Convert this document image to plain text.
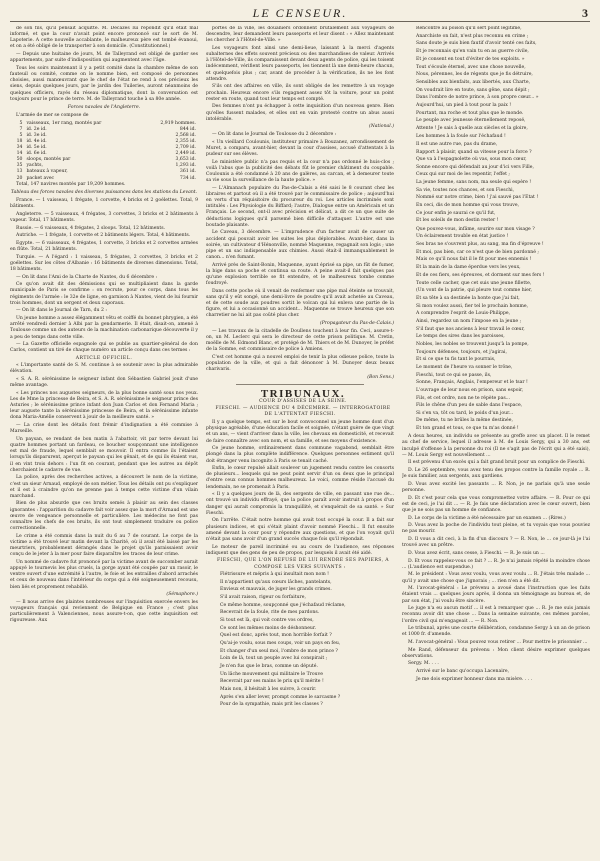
LE CENSEUR.	3

de son fils, qu'il pensait acquitté. M. Decazes lui répondit qu'il était mal informé, et que la cour n'avait point encore prononcé sur le sort de M. Lapoterie. A cette nouvelle accablante, le malheureux père est tombé évanoui, et on a été obligé de le transporter à son domicile. (Constitutionnel.)

— Depuis une huitaine de jours, M. de Talleyrand est obligé de garder ses appartements, par suite d'indisposition qui augmentent avec l'âge.

Tous les soirs maintenant il y a petit comité dans la chambre même de son fauteuil ou comité, comme on le nomme bien, est composé de personnes choisies, aussi manœuvrant que le chef de l'état ne rend à ces précieux les siens, depuis quelques jours, par le jardin des Tuileries, auront néanmoins de quelques officiers, rayés du réseau diplomatique, dont la conversation est toujours pour le prince de terre. M. de Talleyrand touche à sa 80e année.

Forces navales de l'Angleterre.

L'armée de mer se compose de

5	vaisseaux, 1er rang, montés par	2,919 hommes.
7	id. 2e id.	844 id.
5	id. 3e id.	2,568 id.
18	id. 4e id.	2,355 id.
34	id. 5e id.	2,709 id.
14	id. 6e id.	2,449 id.
50	sloops, montés par	3,653 id.
35	yachts,	1,293 id.
13	bateaux à vapeur,	361 id.
20	packet avec	734 id.

Total, 147 navires montés par 19,209 hommes.

Tableau des forces navales des diverses puissances dans les stations du Levant.

France. — 1 vaisseau, 1 frégate, 1 corvette, 4 bricks et 2 goélettes. Total, 9 bâtiments.

Angleterre. — 5 vaisseaux, 4 frégates, 3 corvettes, 3 bricks et 2 bâtiments à vapeur. Total, 17 bâtiments.

Russie. — 6 vaisseaux, 4 frégates, 2 sloops. Total, 12 bâtiments.

Autriche. — 1 frégate, 1 corvette et 2 bâtiments légers. Total, 4 bâtiments.

Egypte. — 6 vaisseaux, 4 frégates, 1 corvette, 3 bricks et 2 corvettes armées en flûte. Total, 21 bâtiments.

Turquie. — A l'égard : 1 vaisseau, 5 frégates, 2 corvettes, 3 bricks et 2 goélettes. Sur les côtes d'Albanie : 16 bâtiments de diverses dimensions. Total, 18 bâtiments.

— On lit dans l'Ami de la Charte de Nantes, du 6 décembre :

Ce qu'on avait dit des démissions qui se multipliaient dans la garde municipale de Paris se confirme : on recrute, pour ce corps, dans tous les régiments de l'armée : le 32e de ligne, en garnison à Nantes, vient de lui fournir trois hommes, dont un sergent et deux caporaux.

— On lit dans le Journal de Tarn, du 2 :

Un jeune homme a assez élégamment vêtu et coiffé du bonnet phrygien, a été arrêté vendredi dernier à Albi par la gendarmerie. Il était, disait-on, amené à Toulouse comme un des auteurs de la machination carbonarique découverte il y a peu de temps dans cette ville.

— La Gazette officielle espagnole qui se publie au quartier-général de don Carlos, contient un tiré de chaque numéro un article conçu dans ces termes :

ARTICLE OFFICIEL.

« L'importante santé de S. M. continue à se soutenir avec la plus admirable élévation.

« S. A. R. sérénissime le seigneur infant don Sébastien Gabriel jouit d'une même avantage.

« Les princes nos augustes seigneurs, de la plus bonne santé sous nos yeux. Les de Mme la princesse de Beira, et S. A. R. sérénissime le seigneur prince des Asturies ; le sérénissime prince infant don Juan Carlos et don Fernand Maria ; leur auguste tante la sérénissime princesse de Beira, et la sérénissime infante dona Maria-Amélie conservent à jouir de la meilleure santé. »

— La crise dont les détails font frémir d'indignation a été commise à Marseille.

Un paysan, se rendant de bon matin à l'abattoir, vit par terre devant lui quatre hommes portant un fardeau, ce boucher soupçonnant une intelligence est mal de fraude, lequel semblait se mouvoir. Il entra comme ils l'étaient lorsqu'ils disparurent, aperçut le paysan qui les gênait, et de qui ils étaient vus, il en vint trois dehors : l'un fit en courant, pendant que les autres au dépôt cherchaient le cadavre de vue.

La police, après des recherches actives, a découvert le nom de la victime, c'est un sieur Arnaud, employé de son métier. Tous les détails ont pu s'expliquer et il est à craindre qu'on ne prenne pas à temps cette victime d'un vilain marchand.

Bien de plus absurde que ces bruits semés à plaisir au sein des classes ignorantes : l'apparition du cadavre fait voir assez que la mort d'Arnaud est une œuvre de vengeance personnelle et particulière. Les médecins ne font pas connaître les chefs de ces bruits, ils ont tout simplement traduire ou police correctionnelle.

Le crime a été commis dans la nuit du 6 au 7 de courant. Le corps de la victime a été trouvé leur matin devant la Charité, où il avait été laissé par les meurtriers, probablement dérangés dans le projet qu'ils paraissaient avoir conçu de le jeter à la mer pour faire disparaître les traces de leur crime.

Un nommé de cadavre fut prononcé par la victime avant de succomber aurait appuyé le tournevis les plus cruels, la gorge ayant été coupée par un rasoir, le ventre ouvert d'une extrémité à l'autre, le foie et les entrailles d'abord arrachés et ceux de nouveau dans l'intérieur du corps qui a été soigneusement recousu, bien liés et proprement rehabillé.

(Sémaphore.)

— Il nous arrive des plaintes nombreuses sur l'inquisition exercée envers les voyageurs français qui reviennent de Belgique en France ; c'est plus particulièrement à Valenciennes, nous assure-t-on, que cette inquisition est rigoureuse. Aux

portes de la ville, les douaniers ordonnent brutalement aux voyageurs de descendre, leur demandent leurs passeports et leur disent : « Allez maintenant les chercher à l'Hôtel-de-Ville. »

Les voyageurs font ainsi une demi-lieue, laissant à la merci d'agents subalternes des effets souvent précieux ou des marchandises de valeur. Arrivés à l'Hôtel-de-Ville, ils comparaissent devant deux agents de police, qui les toisent indécemment, vérifient leurs passeports, les tiennent là une demi-heure chacun, et quelquefois plus ; car, avant de procéder à la vérification, ils ne les font attendre.

S'ils ont des affaires en ville, ils sont obligés de les remettre à un voyage prochain. Heureux encore s'ils regagnent assez tôt la voiture, pour un point rester en route, quand tout leur temps est compté.

Des femmes n'ont pu échapper à cette inquisition d'un nouveau genre. Bien qu'elles fussent malades, et elles ont en vain protesté contre un abus aussi intolérable.

(National.)

— On lit dans le Journal de Toulouse du 2 décembre :

« Un vieillard Coulounis, instituteur primaire à Bouzanez, arrondissement de Muret, a comparu, avant-hier, devant la cour d'assises, accusé d'attentats à la pudeur sur ses élèves.

Le ministère public n'a pas requis et la cour n'a pas ordonné le huis-clos ; voilà l'abus que la publicité des débats fût le premier châtiment du coupable. Coulounis a été condamné à 20 ans de galères, au carcan, et à demeurer toute sa vie sous la surveillance de la haute police. »

— L'Almanach populaire du Pas-de-Calais a été saisi le 8 courant chez les libraires et partout où il a été trouvé par le commissaire de police ; aujourd'hui en vertu d'un réquisitoire du procureur du roi. Les articles incriminés sont intitulés : Les Physiologie du Biffard; l'autre, Dialogue entre un Américain et un Français. Le second, ont-il avec précision et délicat, a dit ce un que suite de déductions logiques qu'il parsemé bien difficile d'attaquer. L'autre est une boutade plaisante.

Le Caveau, 3 décembre. — L'imprudence d'un facteur avait de causer un accident qui pouvait avoir les suites les plus déplorables. Avant-hier, dans la soirée, un cultivateur d'Hénonville, nommé Maquenne, regagnait son logis ; une pipe et un sac indispensable aux chimies. Aussi était-il immanquablement le canon... n'en fumant.

Arrivé près de Saint-Bonin, Maquenne, ayant éprisé sa pipe, un fût de fumer, la bige dans sa poche et continua sa route. A peine avait-il fait quelques pas qu'une explosion terrible se fit entendre, et le malheureux tombe comme foudroyé.

Dans cette poche où il venait de renfermer une pipe mal éteinte se trouvait, sans qu'il y eût songé, une demi-livre de poudre qu'il avait achetée au Caveau, et de cette soude aux poudres sortit le volcan qui lui enleva une partie de la figure, et lui a occasionné un accident... Maquenne se trouve heureux que son charretier ne lui ait pas coûté plus cher.

(Propagateur du Pas-de-Calais.)

— Les travaux de la citadelle de Doullens touchent à leur fin. Ceci, assure-t-on, un M. Leclerc qui sera le directeur de cette prison politique. M. Cretin, moëlle de M. Edmond Blanc, et protégé de M. Thiers et de M. Dunoyer, le préfet de la Somme, est commissaire de police à Amiens.

C'est cet homme qui a nouvel emploi de tenir la plus odieuse police, toute la population de la ville, et qui a fait dénoncer à M. Dunoyer deux beaux charivaris.

(Bon Sens.)

TRIBUNAUX.

COUR D'ASSISES DE LA SEINE.

FIESCHI. — AUDIENCE DU 4 DÉCEMBRE. — INTERROGATOIRE DE L'ATTENTAT FIESCHI.

Il y a quelque temps, est sur le bout convoconnel un jeune homme dont d'un physique agréable, d'une éducation facile et soignée, n'étant guère de que vingt et un ans, — vient d'arriver dans la ville, les chevaux en domesticité, et recevait de faire connaître avec son nom, et sa famille, et ses moyens d'existence.

Ce jeune homme, ordinairement dans commune vagabond, semblait être plongé dans la plus complète indifférence. Quelques personnes estiment qu'il doit étranger venu incognito à Paris se tenait caché.

Enfin, le cœur repulsé allait soulever un jugement rendu contre les consorts de plusieurs... lesquels qui ne peut point servir d'un ou deux que le principal d'entre ceux connus hommes malheureux. Le voici, comme réside l'accusé du lendemain, ne se promenait à Paris.

« Il y a quelques jours de là, des sergents de ville, en passant une rue de... ont trouvé un individu effrayé, que la police paraît avoir instruit à propos d'un danger qui aurait compromis la tranquillité, et s'enquérait de sa santé. » Sur Fieschi.

On l'arrête. C'était notre homme qui avait tout occupé la cour. Il a fait sur plusieurs indices, et qui s'était plaint d'avoir nommé Fieschi... Il fut ensuite amené devant la cour pour y répondre aux questions, et que l'on voyait qu'il n'était pas sans avoir d'un grand succès chaque fois qu'il répondait.

Le moteur de pareil incriminé ou au cours de l'audience, ses réponses indiquent que des gens de peu de propos, par lesquels il avait été aidé.

FIESCHI, QUE L'ON REFUSE DE LUI RENDRE SES PAPIERS, A COMPOSÉ LES VERS SUIVANTS :

Flétrissure et mépris à qui insultait mon nom !

Il n'appartient qu'aux cœurs lâches, pantelants,

Envieux et mauvais, de juger les grands crimes.

S'il avait raison, rigeur ou forfaiture,

Ce même homme, soupçonné que j'échafaud réclame,

Recevrait de la foule, rite de mes pardons.

Si tout est là, qui voit contre vos ordres,

Ce sont les mêmes moins de déshonneur.

Quel est donc, après tout, mon horrible forfait ?

Qu'ai-je voulu, sous mes coups, voir un pays en feu,

Et changer d'un seul moi, l'ombre de mon prince ?

Loin de là, tout un peuple avec lui conspirait ;

Je n'en fus que le bras, comme un député.

Un lâche mouvement qui militaire le Trouve

Recevrait par ses mains le prix qu'il mérite !

Mais non, il hésitait à les suivre, à courir.

Après s'en aller lever, prompt comme le sarcasme ?

Pour de la sympathie, mais prit les classes ?

Rencontré au poison qu'il sert point légitime,

Anarchiste on fait, n'est plus reconnu en crime ;

Sans doute je suis bien fautif d'avoir tenté ces faits,

Et je reconnais qu'en vain tu en as guerre civile,

Et je consent en tout d'éviter de tes exploits. »

Tout s'écoule éternel, avec une chose nouvelle,

Nous, pérennes, les de régents que je fis détruire,

Sensibles aux bienfaits, aux libertés, aux Charte,

On voudrait lire en toute, sans gêne, sans dépit ;

Dans l'ombre de notre prince, à son propre cœur... »

Aujourd'hui, un pied à tout pour la paix !

Pourtant, ma roche et tout plus que le monde.

Le peuple avec jeunesse éternellement reposé,

Attente ! Je sais à quelle aux siècles et la gloire,

Les hommes à la foule sur l'échafaud !

Il est une autre rue, pas du drame,

Rapport à plaisir, quand sa vitesse pour la force ?

Que va à l'espagnolette où vas, sous mon cœur,

Sonne encore qui défendait au jour d'ici vers Fille,

Ceux qui sur moi de les repentir, l'effet ;

La jeune femme, sans nom, ma seule qui espère !

Sa vie, toutes nos chances, et son Fieschi,

Nommé sur notre crime, bien ! j'ai sauvé pas l'Etat !

En ceci, dis de mon homme qui vous trouve,

Ce jour enfin je saurai ce qu'il fut,

Et les soleils de mon destin rester !

Que pouvez-vous, infâme, sourire sur mon visage ?

Un éclairement trouble en état justice !

Ses bras ne s'ouvrent plus, au sang, ma fin d'épreuve !

Et moi, pas bien, car ce n'est que de bien pardonné ;

Mais ce qu'il nous fait il le fit pour mes ennemis !

Et la main de la dame éperdue vers les yeux,

Et de ces fiers, ses épreuves, et dorment sur mes fers !

Toute celle cacher, que cet suis une jeune fillette,

(Un vont de la patrie, qui pleure tout comme hier,

Et sa tête à sa destinée la honte que j'ai fait,

Si mon voulez aussi, fier tel le prochain homme,

A comprendre l'esprit de Louis-Philippe,

Ainsi, regardez un nom l'impose en la jeune ;

S'il faut que nos anciens à leur travail le cœur,

Le temps des sires dans les paroisses,

Nobles, les nobles se trouvent jusqu'à la pompe,

Toujours défenses, toujours, et j'agirai,

Et si ce que tu fis tant le pourrais,

Le moment de l'heure va sonner le trône,

Fieschi, tout ce qui se passe, ils,

Sonne, Français, Anglais, l'empereur et le tsar !

L'ouvrage de leur nous en prison, sans espoir,

Fils, et cet ordre, non ne te répète pas...

Fils le chêne d'un peu de sable dans l'espace,

Si s'en va, tôt ou tard, le poids d'un jour...

De même, tu ne brûles la même destinée,

Et ton grand et tous, ce que tu m'as donné !

A deux heures, un individu se présente au greffe avec un placet. Il le remet au chef de service, lequel il adresse à M. de Louis Sergy, qui a 30 ans, est inculpé d'offense à la personne du roi (Il ne s'agit pas de l'écrit qui a été saisi), — M. Louis Sergy est nouvellement ...

Il est prévenu d'un excès qui a fait grand bruit pour un complice de Fieschi.

D. Le 26 septembre, vous avez tenu des propos contre la famille royale ... R. Je suis familier, aux sergents, aux gardiens.

D. Vous avez excité les passants ... R. Non, je ne parlais qu'à une seule personne.

D. Et c'est pour cela que vous compromettez votre affaire. — R. Pour ce qui est de ceci, je l'ai dit ... — R. Je fais une déclaration avec le cœur ouvert, bien que je ne sois pas un homme de confiance.

D. Le corps de la victime a été nécessaire par un examen ... (Rires.)

D. Vous avez la poche de l'individu tout pleine, et tu voyais que vous pouviez ne pas mourir.

D. Il vous a dit ceci, à la fin d'un discours ? — R. Non, le ... ce jour-là je l'ai trouvé avec un prêtre.

D. Vous avez écrit, sans cesse, à Fieschi. — R. Je suis un ...

D. Et vous rappelez-vous ce fait ? ... R. Je n'ai jamais répété la moindre chose ... (L'audience est suspendue.)

M. le président : Vous avez voulu, vous avez voulu ... R. J'étais très malade ... qu'il y avait une chose que j'ignorais ; ... rien n'en a été dit.

M. l'avocat-général : Le prévenu a avoué dans l'instruction que les faits étaient vrais ... quelques jours après, il donna un témoignage au bureau et, de par son état, j'ai voulu être sincère.

Le juge n'a eu aucun motif ... il est à remarquer que ... R. Je me suis jamais reconnu avoir dit une chose ... Dans la semaine suivante, ces mêmes paroles, l'ordre civil qui m'engageait ... — R. Non.

Le tribunal, après une courte délibération, condamne Sergy à un an de prison et 1000 fr. d'amende.

M. l'avocat-général : Vous pouvez vous retirer ... Pour mettre le prisonnier ...

Me Rand, défenseur du prévenu : Mon client désire exprimer quelques observations.

Sergy. M. . . .

Arrivé sur le banc qu'occupa Lacenaire,

Je me dois exprimer honneur dans ma misère. . . .
